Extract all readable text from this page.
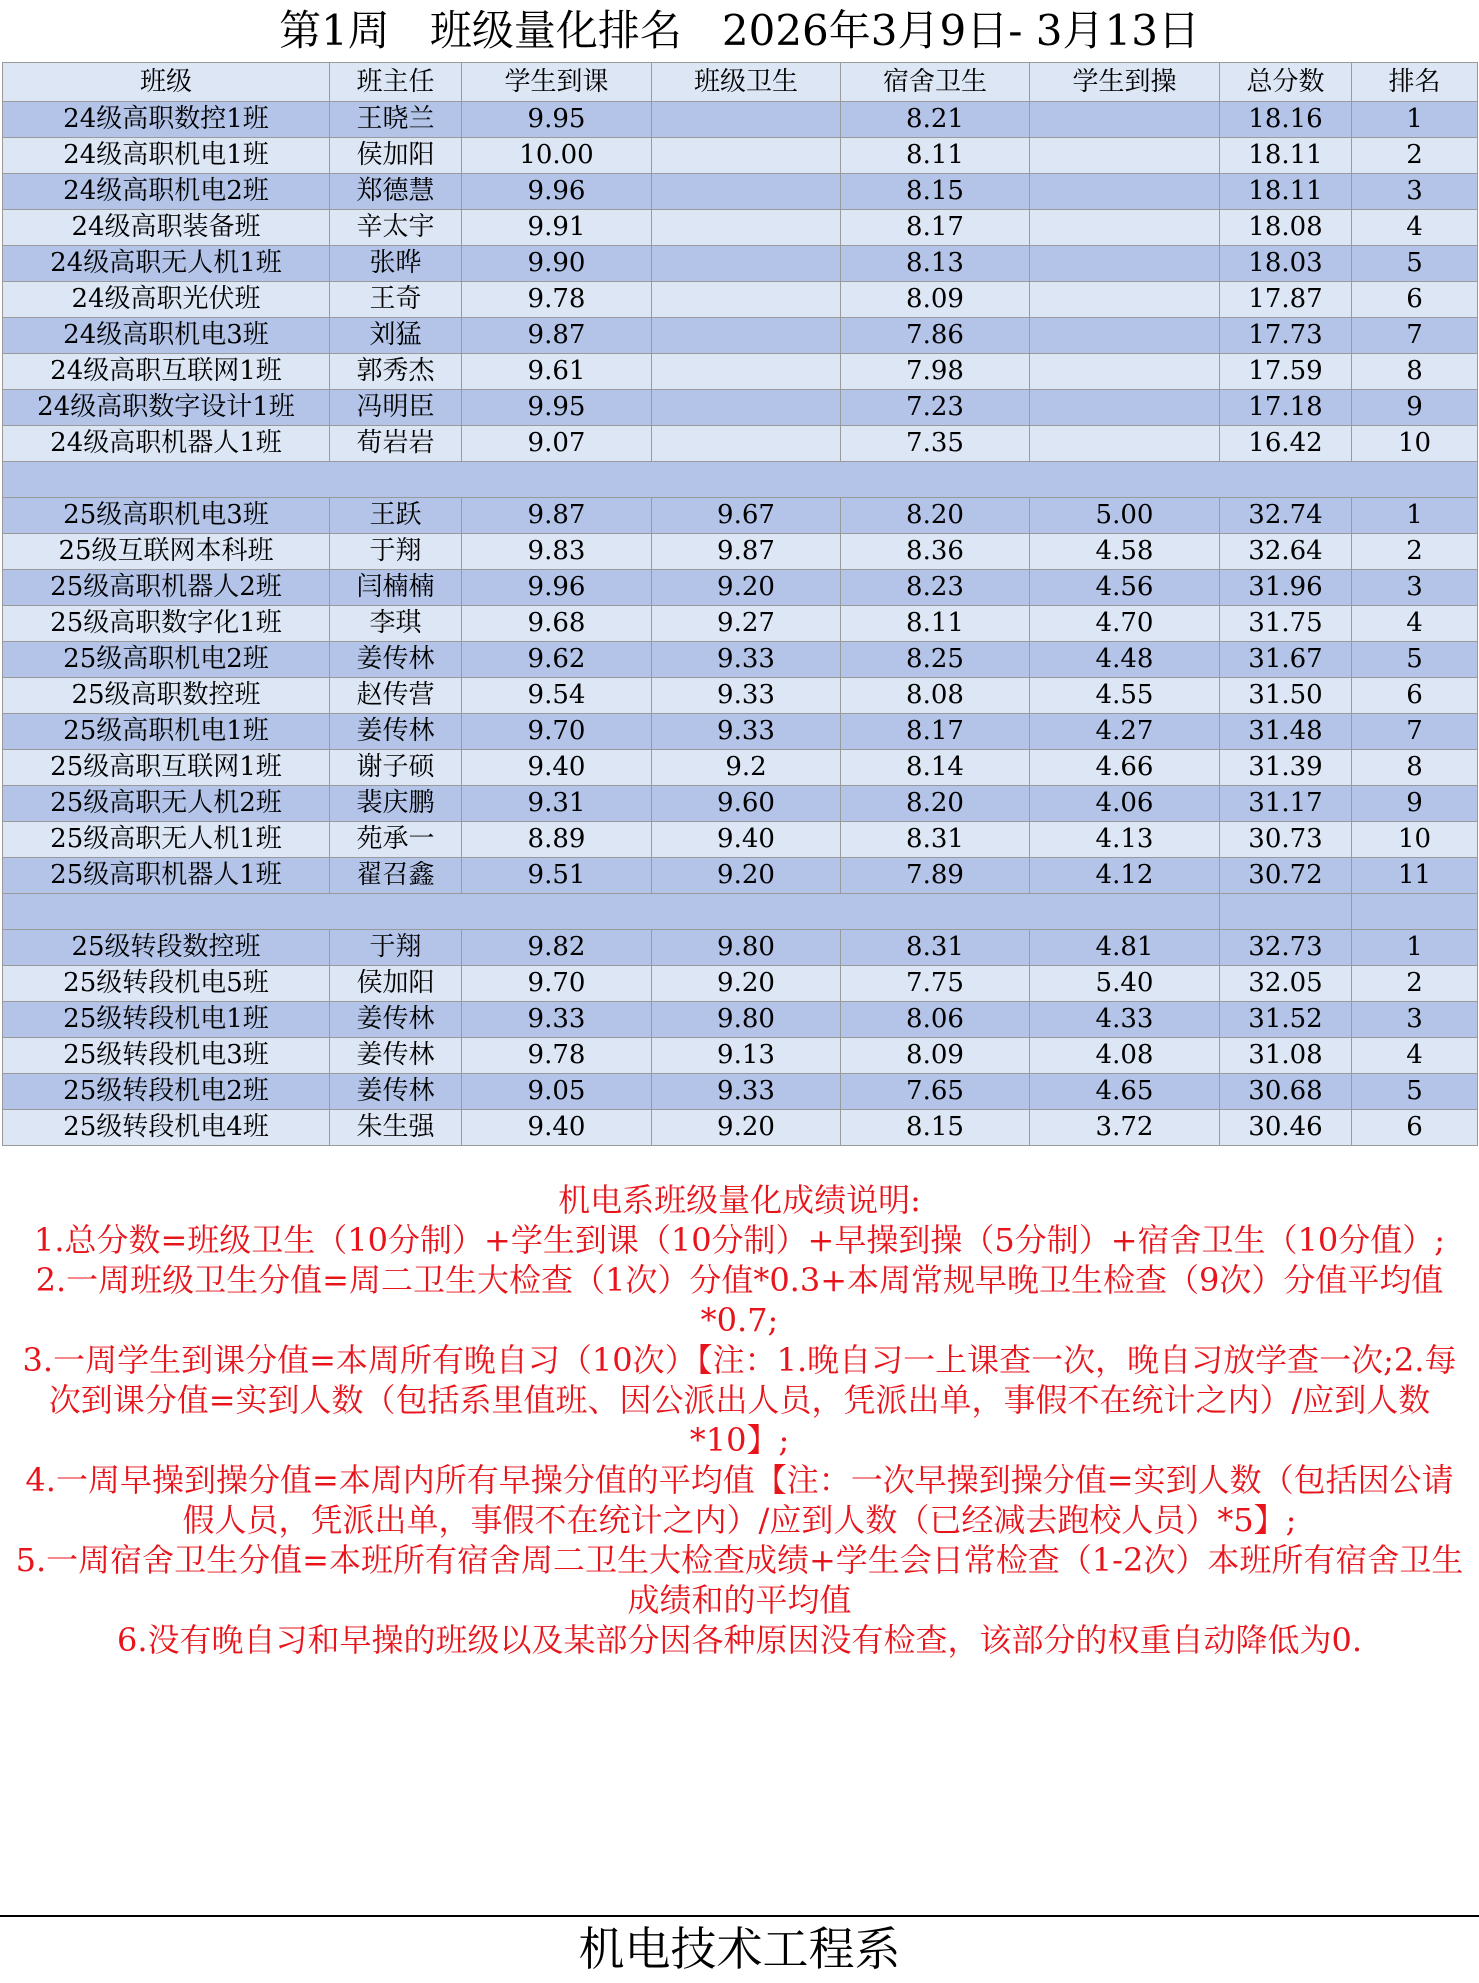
第1周   班级量化排名   2026年3月9日- 3月13日
班级	班主任	学生到课	班级卫生	宿舍卫生	学生到操	总分数	排名
24级高职数控1班	王晓兰	9.95		8.21		18.16	1
24级高职机电1班	侯加阳	10.00		8.11		18.11	2
24级高职机电2班	郑德慧	9.96		8.15		18.11	3
24级高职装备班	辛太宇	9.91		8.17		18.08	4
24级高职无人机1班	张晔	9.90		8.13		18.03	5
24级高职光伏班	王奇	9.78		8.09		17.87	6
24级高职机电3班	刘猛	9.87		7.86		17.73	7
24级高职互联网1班	郭秀杰	9.61		7.98		17.59	8
24级高职数字设计1班	冯明臣	9.95		7.23		17.18	9
24级高职机器人1班	荀岩岩	9.07		7.35		16.42	10

25级高职机电3班	王跃	9.87	9.67	8.20	5.00	32.74	1
25级互联网本科班	于翔	9.83	9.87	8.36	4.58	32.64	2
25级高职机器人2班	闫楠楠	9.96	9.20	8.23	4.56	31.96	3
25级高职数字化1班	李琪	9.68	9.27	8.11	4.70	31.75	4
25级高职机电2班	姜传林	9.62	9.33	8.25	4.48	31.67	5
25级高职数控班	赵传营	9.54	9.33	8.08	4.55	31.50	6
25级高职机电1班	姜传林	9.70	9.33	8.17	4.27	31.48	7
25级高职互联网1班	谢子硕	9.40	9.2	8.14	4.66	31.39	8
25级高职无人机2班	裴庆鹏	9.31	9.60	8.20	4.06	31.17	9
25级高职无人机1班	苑承一	8.89	9.40	8.31	4.13	30.73	10
25级高职机器人1班	翟召鑫	9.51	9.20	7.89	4.12	30.72	11

25级转段数控班	于翔	9.82	9.80	8.31	4.81	32.73	1
25级转段机电5班	侯加阳	9.70	9.20	7.75	5.40	32.05	2
25级转段机电1班	姜传林	9.33	9.80	8.06	4.33	31.52	3
25级转段机电3班	姜传林	9.78	9.13	8.09	4.08	31.08	4
25级转段机电2班	姜传林	9.05	9.33	7.65	4.65	30.68	5
25级转段机电4班	朱生强	9.40	9.20	8.15	3.72	30.46	6

机电系班级量化成绩说明:

1.总分数=班级卫生（10分制）+学生到课（10分制）+早操到操（5分制）+宿舍卫生（10分值）;

2.一周班级卫生分值=周二卫生大检查（1次）分值*0.3+本周常规早晚卫生检查（9次）分值平均值*0.7;

3.一周学生到课分值=本周所有晚自习（10次）【注：1.晚自习一上课查一次，晚自习放学查一次;2.每次到课分值=实到人数（包括系里值班、因公派出人员，凭派出单，事假不在统计之内）/应到人数*10】;

4.一周早操到操分值=本周内所有早操分值的平均值【注：一次早操到操分值=实到人数（包括因公请假人员，凭派出单，事假不在统计之内）/应到人数（已经减去跑校人员）*5】;

5.一周宿舍卫生分值=本班所有宿舍周二卫生大检查成绩+学生会日常检查（1-2次）本班所有宿舍卫生成绩和的平均值

6.没有晚自习和早操的班级以及某部分因各种原因没有检查，该部分的权重自动降低为0.

机电技术工程系
